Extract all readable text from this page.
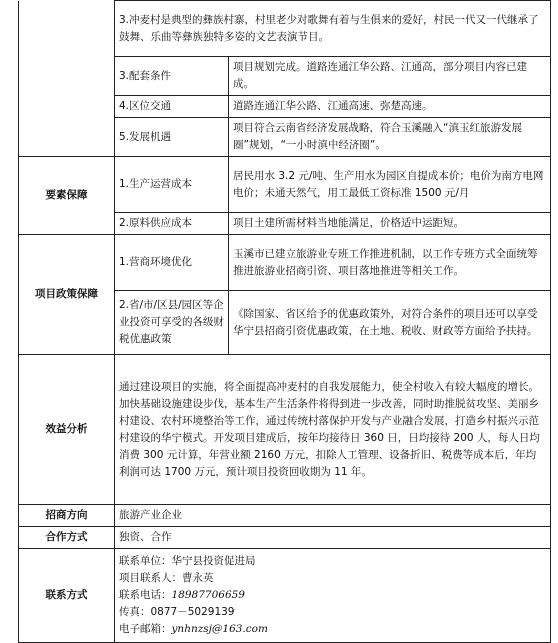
	3.冲麦村是典型的彝族村寨，村里老少对歌舞有着与生俱来的爱好，村民一代又一代继承了鼓舞、乐曲等彝族独特多姿的文艺表演节目。	
	3.配套条件	项目规划完成。道路连通江华公路、江通高，部分项目内容已建成。
	4.区位交通	道路连通江华公路、江通高速、弥楚高速。
	5.发展机遇	项目符合云南省经济发展战略，符合玉溪融入“滇玉红旅游发展圈”规划，“一小时滇中经济圈”。
要素保障	1.生产运营成本	居民用水 3.2 元/吨、生产用水为园区自提成本价；电价为南方电网电价；未通天然气，用工最低工资标准 1500 元/月
	2.原料供应成本	项目土建所需材料当地能满足，价格适中运距短。
项目政策保障	1.营商环境优化	玉溪市已建立旅游业专班工作推进机制，以工作专班方式全面统筹推进旅游业招商引资、项目落地推进等相关工作。
	2.省/市/区县/园区等企业投资可享受的各级财税优惠政策	《除国家、省区给予的优惠政策外，对符合条件的项目还可以享受华宁县招商引资优惠政策，在土地、税收、财政等方面给予扶持。
效益分析	通过建设项目的实施，将全面提高冲麦村的自我发展能力，使全村收入有较大幅度的增长。加快基础设施建设步伐，基本生产生活条件将得到进一步改善，同时助推脱贫攻坚、美丽乡村建设、农村环境整治等工作，通过传统村落保护开发与产业融合发展，打造乡村振兴示范村建设的华宁模式。开发项目建成后，按年均接待日 360 日，日均接待 200 人，每人日均消费 300 元计算，年营业额 2160 万元，扣除人工管理、设备折旧、税费等成本后，年均利润可达 1700 万元，预计项目投资回收期为 11 年。	
招商方向	旅游产业企业	
合作方式	独资、合作	
联系方式	联系单位：华宁县投资促进局
项目联系人：曹永英
联系电话：18987706659
传真：0877－5029139
电子邮箱：ynhnzsj@163.com	
